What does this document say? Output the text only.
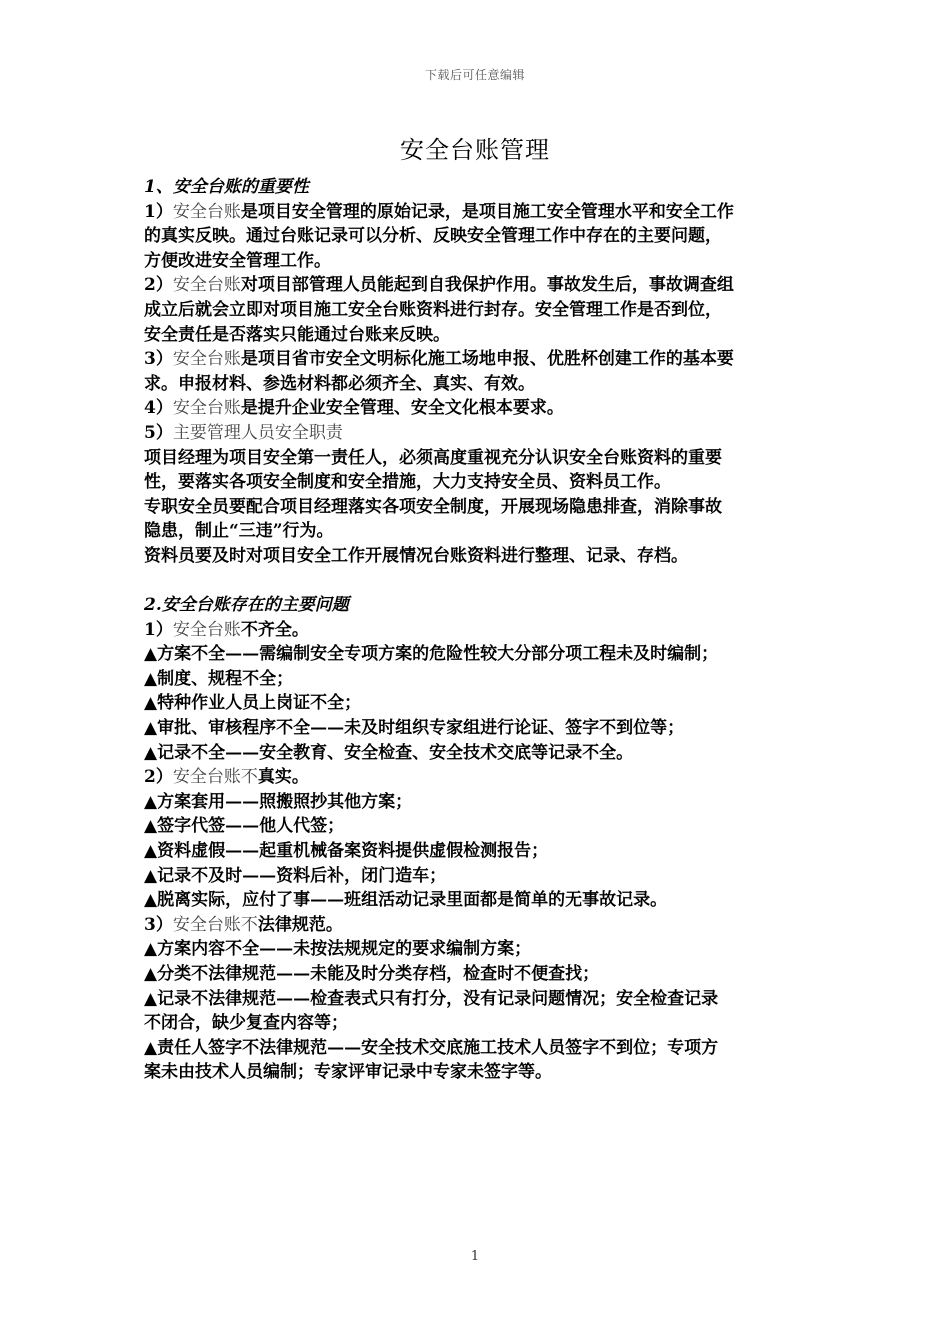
下载后可任意编辑
安全台账管理
1、安全台账的重要性
1）安全台账是项目安全管理的原始记录，是项目施工安全管理水平和安全工作
的真实反映。通过台账记录可以分析、反映安全管理工作中存在的主要问题，
方便改进安全管理工作。
2）安全台账对项目部管理人员能起到自我保护作用。事故发生后，事故调查组
成立后就会立即对项目施工安全台账资料进行封存。安全管理工作是否到位，
安全责任是否落实只能通过台账来反映。
3）安全台账是项目省市安全文明标化施工场地申报、优胜杯创建工作的基本要
求。申报材料、参选材料都必须齐全、真实、有效。
4）安全台账是提升企业安全管理、安全文化根本要求。
5）主要管理人员安全职责
项目经理为项目安全第一责任人，必须高度重视充分认识安全台账资料的重要
性，要落实各项安全制度和安全措施，大力支持安全员、资料员工作。
专职安全员要配合项目经理落实各项安全制度，开展现场隐患排查，消除事故
隐患，制止“三违”行为。
资料员要及时对项目安全工作开展情况台账资料进行整理、记录、存档。
2.安全台账存在的主要问题
1）安全台账不齐全。
▲方案不全——需编制安全专项方案的危险性较大分部分项工程未及时编制；
▲制度、规程不全；
▲特种作业人员上岗证不全；
▲审批、审核程序不全——未及时组织专家组进行论证、签字不到位等；
▲记录不全——安全教育、安全检查、安全技术交底等记录不全。
2）安全台账不真实。
▲方案套用——照搬照抄其他方案；
▲签字代签——他人代签；
▲资料虚假——起重机械备案资料提供虚假检测报告；
▲记录不及时——资料后补，闭门造车；
▲脱离实际，应付了事——班组活动记录里面都是简单的无事故记录。
3）安全台账不法律规范。
▲方案内容不全——未按法规规定的要求编制方案；
▲分类不法律规范——未能及时分类存档，检查时不便查找；
▲记录不法律规范——检查表式只有打分，没有记录问题情况；安全检查记录
不闭合，缺少复查内容等；
▲责任人签字不法律规范——安全技术交底施工技术人员签字不到位；专项方
案未由技术人员编制；专家评审记录中专家未签字等。
1
